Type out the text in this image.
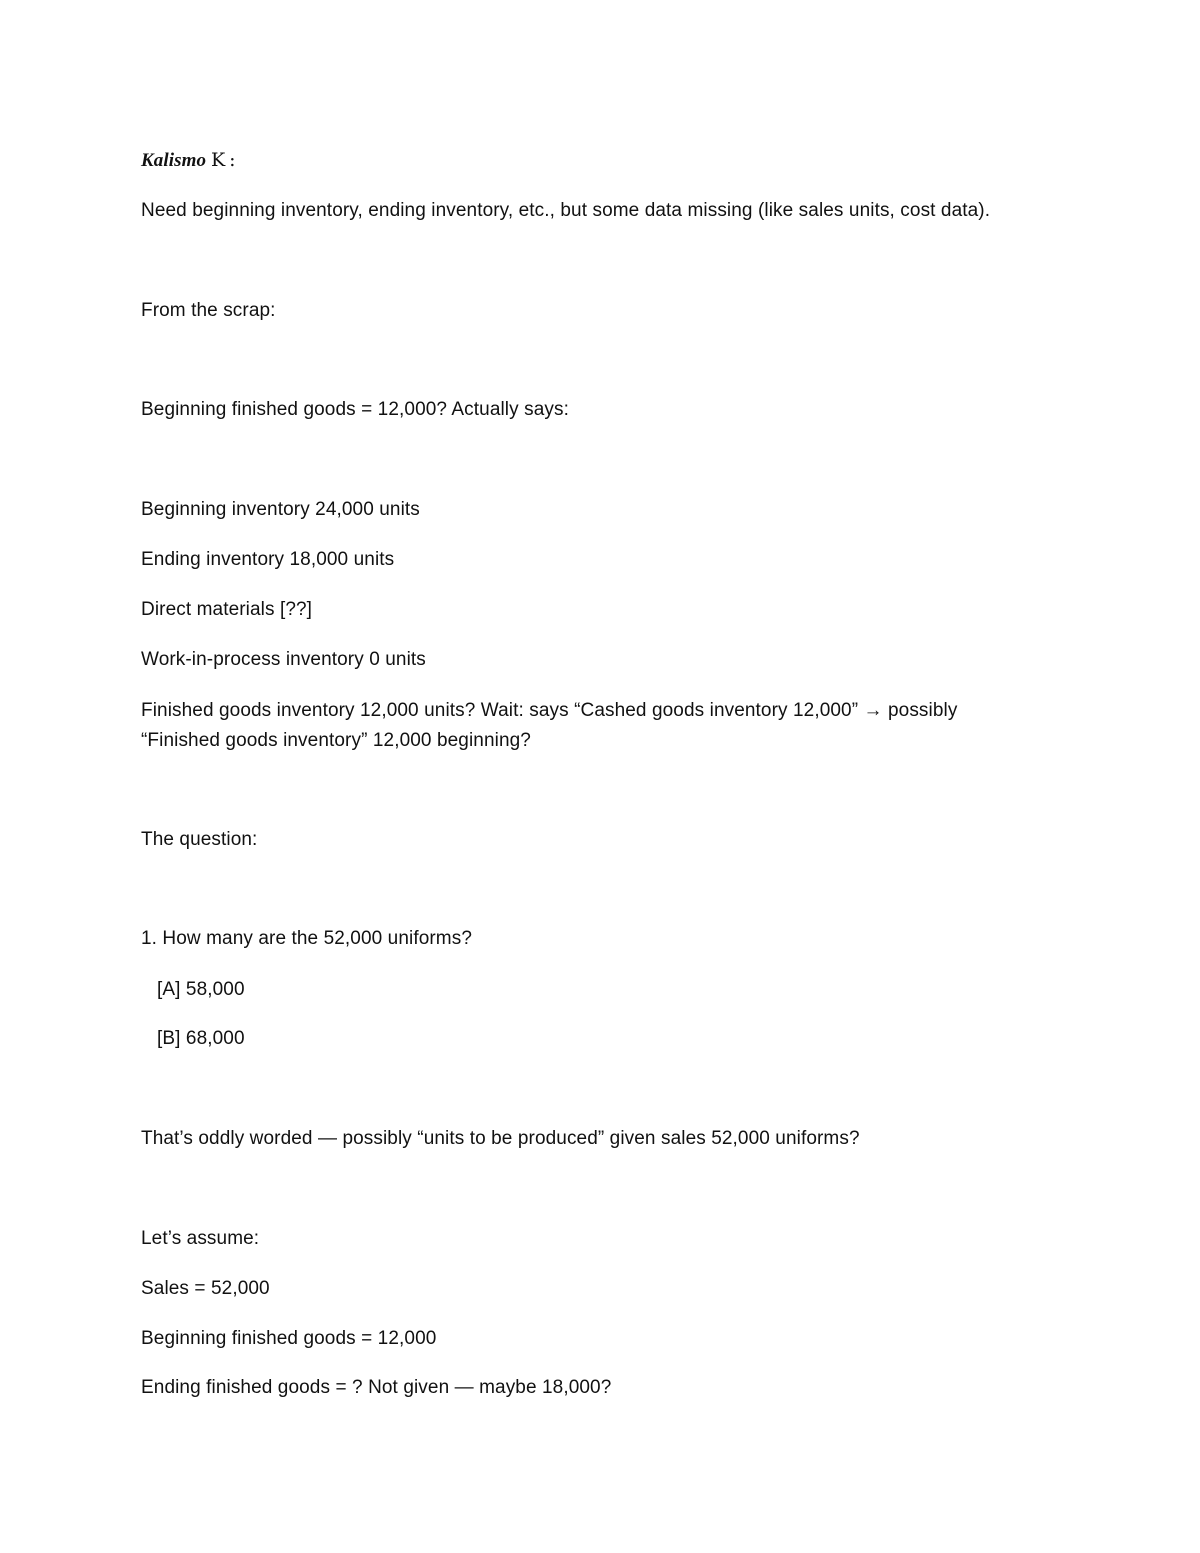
Kalismo K :
Need beginning inventory, ending inventory, etc., but some data missing (like sales units, cost data).
From the scrap:
Beginning finished goods = 12,000? Actually says:
Beginning inventory 24,000 units
Ending inventory 18,000 units
Direct materials [??]
Work-in-process inventory 0 units
Finished goods inventory 12,000 units? Wait: says “Cashed goods inventory 12,000” → possibly
“Finished goods inventory” 12,000 beginning?
The question:
1. How many are the 52,000 uniforms?
[A] 58,000
[B] 68,000
That’s oddly worded — possibly “units to be produced” given sales 52,000 uniforms?
Let’s assume:
Sales = 52,000
Beginning finished goods = 12,000
Ending finished goods = ? Not given — maybe 18,000?
